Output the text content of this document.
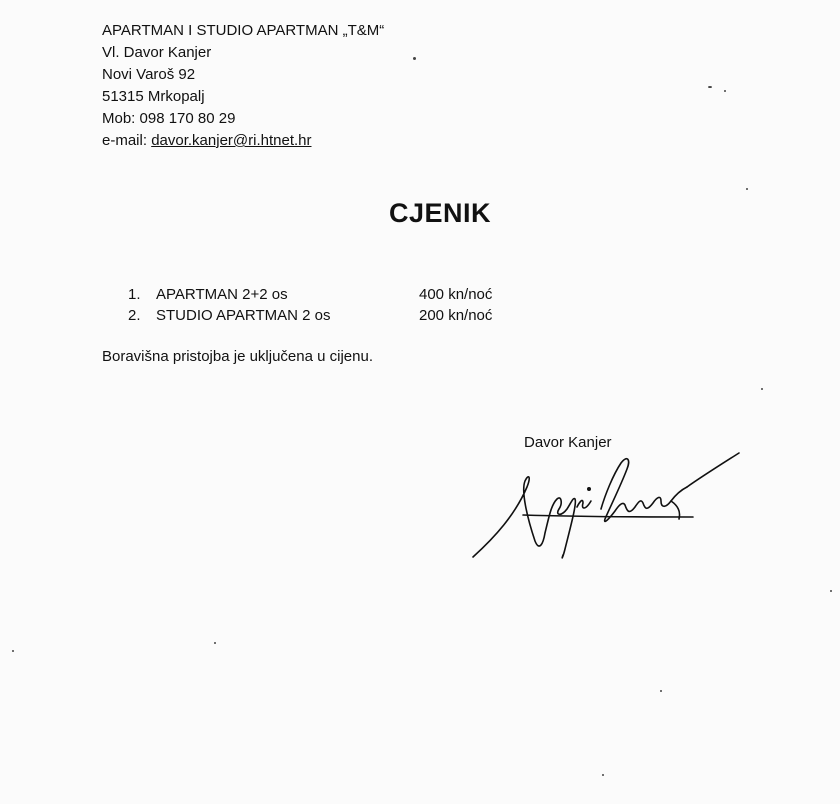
APARTMAN I STUDIO APARTMAN „T&M“
Vl. Davor Kanjer
Novi Varoš 92
51315 Mrkopalj
Mob: 098 170 80 29
e-mail: davor.kanjer@ri.htnet.hr
CJENIK
1. APARTMAN 2+2 os	400 kn/noć
2. STUDIO APARTMAN 2 os	200 kn/noć
Boravišna pristojba je uključena u cijenu.
Davor Kanjer
